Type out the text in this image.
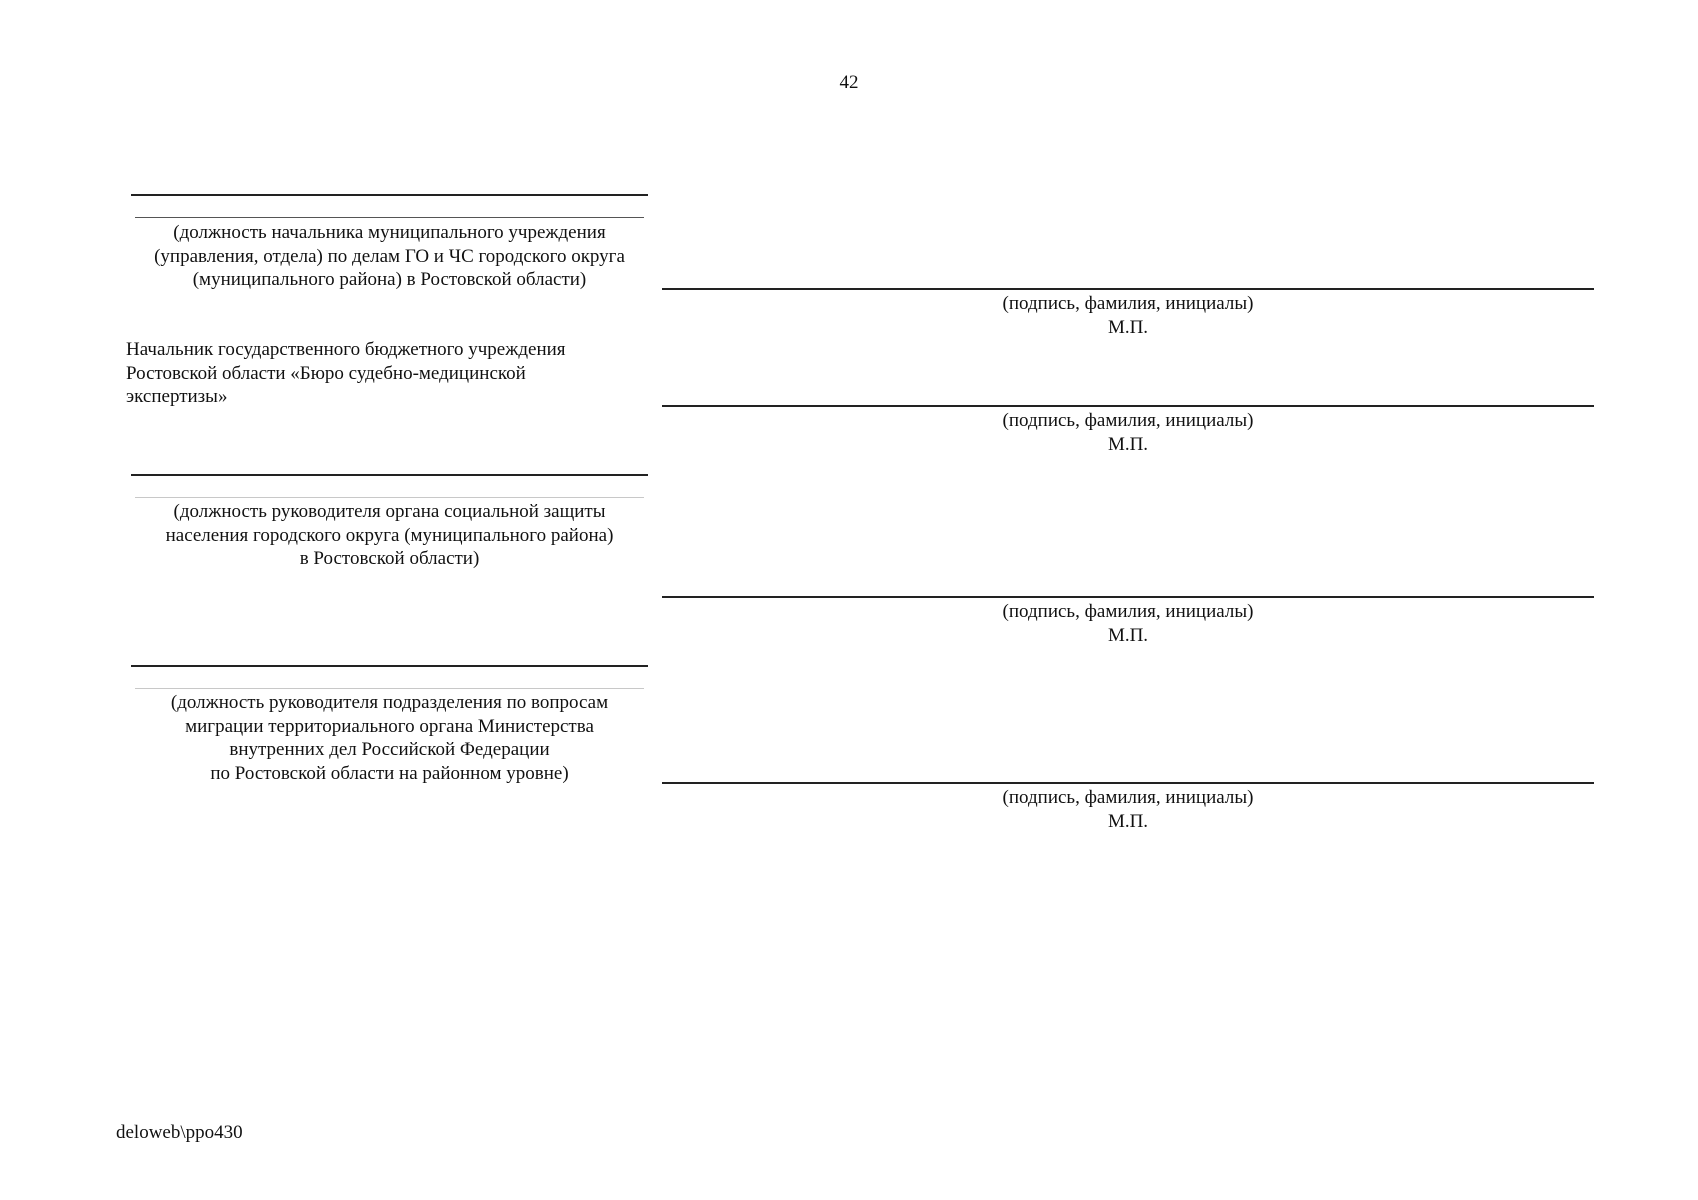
42

(должность начальника муниципального учреждения
(управления, отдела) по делам ГО и ЧС городского округа
(муниципального района) в Ростовской области)

(подпись, фамилия, инициалы)
М.П.

Начальник государственного бюджетного учреждения
Ростовской области «Бюро судебно-медицинской
экспертизы»

(подпись, фамилия, инициалы)
М.П.

(должность руководителя органа социальной защиты
населения городского округа (муниципального района)
в Ростовской области)

(подпись, фамилия, инициалы)
М.П.

(должность руководителя подразделения по вопросам
миграции территориального органа Министерства
внутренних дел Российской Федерации
по Ростовской области на районном уровне)

(подпись, фамилия, инициалы)
М.П.

deloweb\ppo430
